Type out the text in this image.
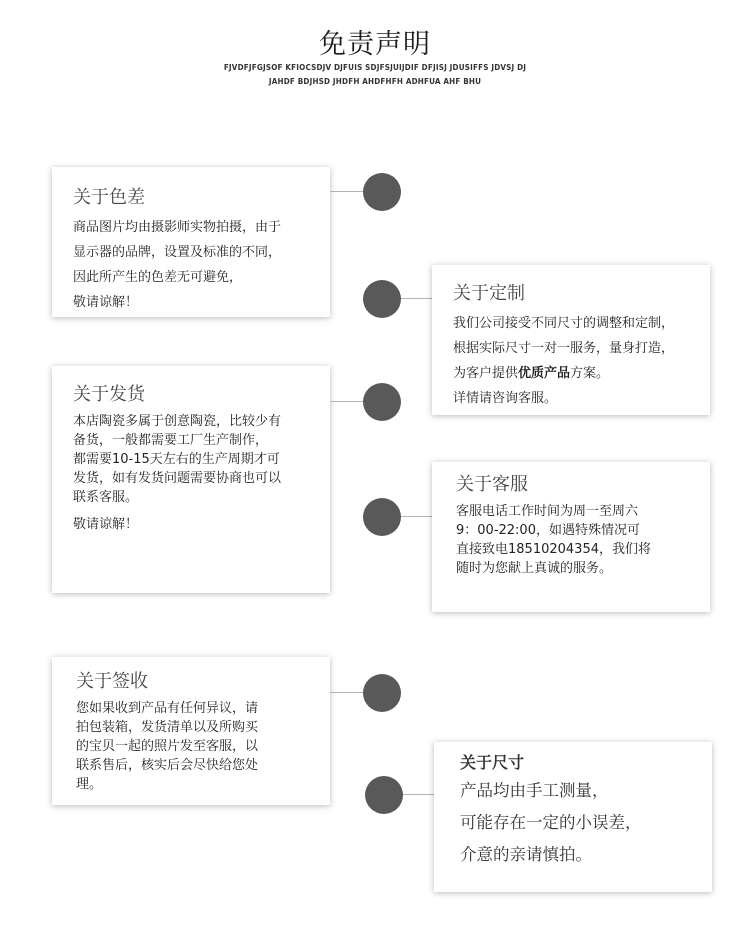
免责声明
FJVDFJFGJSOF KFIOCSDJV DJFUIS SDJFSJUIJDIF DFJISJ JDUSIFFS JDVSJ DJ
JAHDF BDJHSD JHDFH AHDFHFH ADHFUA AHF BHU
关于色差
商品图片均由摄影师实物拍摄，由于
显示器的品牌，设置及标准的不同，
因此所产生的色差无可避免，
敬请谅解！	关于定制
我们公司接受不同尺寸的调整和定制，
根据实际尺寸一对一服务，量身打造，
为客户提供优质产品方案。
详情请咨询客服。
关于发货
本店陶瓷多属于创意陶瓷，比较少有
备货，一般都需要工厂生产制作，
都需要10-15天左右的生产周期才可
发货，如有发货问题需要协商也可以
联系客服。
敬请谅解！
关于客服
客服电话工作时间为周一至周六
9：00-22:00，如遇特殊情况可
直接致电18510204354，我们将
随时为您献上真诚的服务。
关于签收
您如果收到产品有任何异议，请
拍包装箱，发货清单以及所购买
的宝贝一起的照片发至客服，以
联系售后，核实后会尽快给您处
理。
关于尺寸
产品均由手工测量，
可能存在一定的小误差，
介意的亲请慎拍。
